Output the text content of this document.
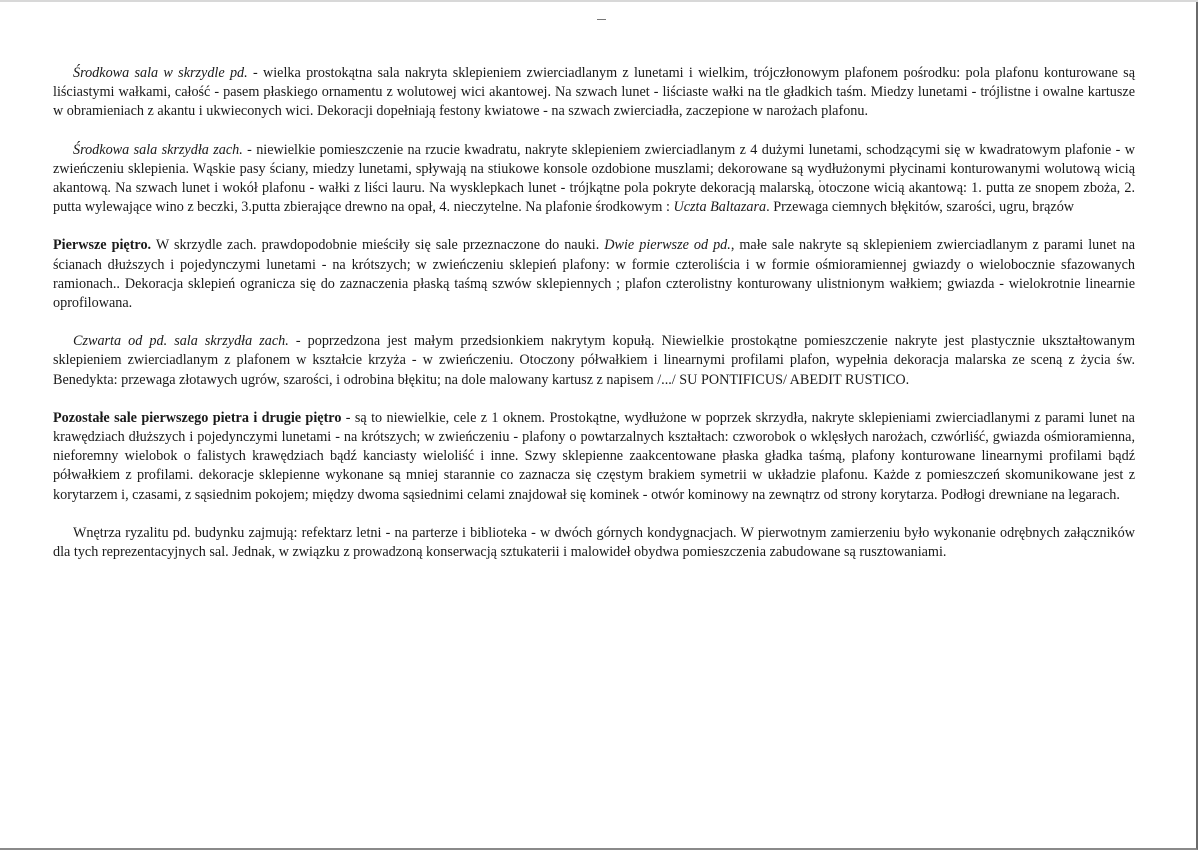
Środkowa sala w skrzydle pd. - wielka prostokątna sala nakryta sklepieniem zwierciadlanym z lunetami i wielkim, trójczłonowym plafonem pośrodku: pola plafonu konturowane są liściastymi wałkami, całość - pasem płaskiego ornamentu z wolutowej wici akantowej. Na szwach lunet - liściaste wałki na tle gładkich taśm. Miedzy lunetami - trójlistne i owalne kartusze w obramieniach z akantu i ukwieconych wici. Dekoracji dopełniają festony kwiatowe - na szwach zwierciadła, zaczepione w narożach plafonu.

Środkowa sala skrzydła zach. - niewielkie pomieszczenie na rzucie kwadratu, nakryte sklepieniem zwierciadlanym z 4 dużymi lunetami, schodzącymi się w kwadratowym plafonie - w zwieńczeniu sklepienia. Wąskie pasy ściany, miedzy lunetami, spływają na stiukowe konsole ozdobione muszlami; dekorowane są wydłużonymi płycinami konturowanymi wolutową wicią akantową. Na szwach lunet i wokół plafonu - wałki z liści lauru. Na wysklepkach lunet - trójkątne pola pokryte dekoracją malarską, otoczone wicią akantową: 1. putta ze snopem zboża, 2. putta wylewające wino z beczki, 3.putta zbierające drewno na opał, 4. nieczytelne. Na plafonie środkowym : Uczta Baltazara. Przewaga ciemnych błękitów, szarości, ugru, brązów

Pierwsze piętro. W skrzydle zach. prawdopodobnie mieściły się sale przeznaczone do nauki. Dwie pierwsze od pd., małe sale nakryte są sklepieniem zwierciadlanym z parami lunet na ścianach dłuższych i pojedynczymi lunetami - na krótszych; w zwieńczeniu sklepień plafony: w formie czteroliścia i w formie ośmioramiennej gwiazdy o wielobocznie sfazowanych ramionach.. Dekoracja sklepień ogranicza się do zaznaczenia płaską taśmą szwów sklepiennych ; plafon czterolistny konturowany ulistnionym wałkiem; gwiazda - wielokrotnie linearnie oprofilowana.

Czwarta od pd. sala skrzydła zach. - poprzedzona jest małym przedsionkiem nakrytym kopułą. Niewielkie prostokątne pomieszczenie nakryte jest plastycznie ukształtowanym sklepieniem zwierciadlanym z plafonem w kształcie krzyża - w zwieńczeniu. Otoczony półwałkiem i linearnymi profilami plafon, wypełnia dekoracja malarska ze sceną z życia św. Benedykta: przewaga złotawych ugrów, szarości, i odrobina błękitu; na dole malowany kartusz z napisem /.../ SU PONTIFICUS/ ABEDIT RUSTICO.

Pozostałe sale pierwszego pietra i drugie piętro - są to niewielkie, cele z 1 oknem. Prostokątne, wydłużone w poprzek skrzydła, nakryte sklepieniami zwierciadlanymi z parami lunet na krawędziach dłuższych i pojedynczymi lunetami - na krótszych; w zwieńczeniu - plafony o powtarzalnych kształtach: czworobok o wklęsłych narożach, czwórliść, gwiazda ośmioramienna, nieforemny wielobok o falistych krawędziach bądź kanciasty wieloliść i inne. Szwy sklepienne zaakcentowane płaska gładka taśmą, plafony konturowane linearnymi profilami bądź półwałkiem z profilami. dekoracje sklepienne wykonane są mniej starannie co zaznacza się częstym brakiem symetrii w układzie plafonu. Każde z pomieszczeń skomunikowane jest z korytarzem i, czasami, z sąsiednim pokojem; między dwoma sąsiednimi celami znajdował się kominek - otwór kominowy na zewnątrz od strony korytarza. Podłogi drewniane na legarach.

Wnętrza ryzalitu pd. budynku zajmują: refektarz letni - na parterze i biblioteka - w dwóch górnych kondygnacjach. W pierwotnym zamierzeniu było wykonanie odrębnych załączników dla tych reprezentacyjnych sal. Jednak, w związku z prowadzoną konserwacją sztukaterii i malowideł obydwa pomieszczenia zabudowane są rusztowaniami.
